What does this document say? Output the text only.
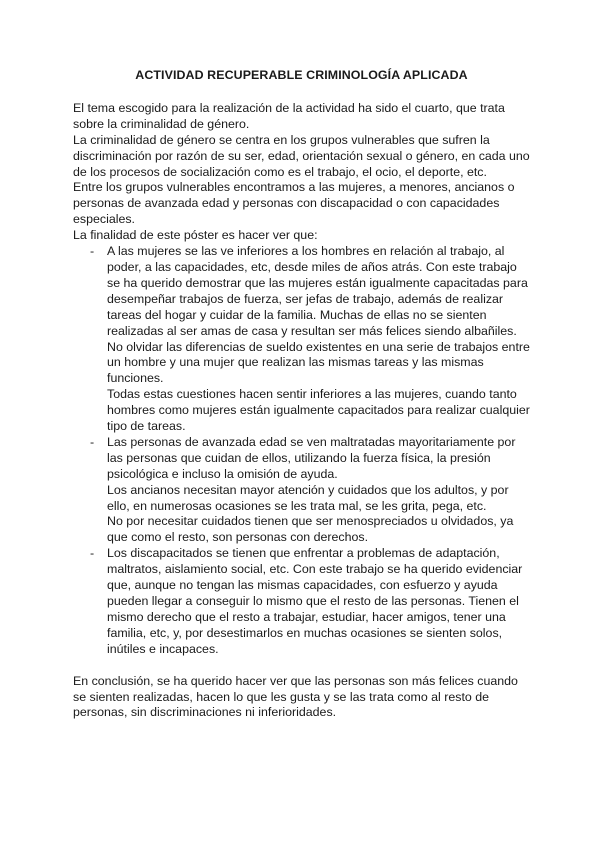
ACTIVIDAD RECUPERABLE CRIMINOLOGÍA APLICADA

El tema escogido para la realización de la actividad ha sido el cuarto, que trata sobre la criminalidad de género.

La criminalidad de género se centra en los grupos vulnerables que sufren la discriminación por razón de su ser, edad, orientación sexual o género, en cada uno de los procesos de socialización como es el trabajo, el ocio, el deporte, etc.

Entre los grupos vulnerables encontramos a las mujeres, a menores, ancianos o personas de avanzada edad y personas con discapacidad o con capacidades especiales.

La finalidad de este póster es hacer ver que:

- A las mujeres se las ve inferiores a los hombres en relación al trabajo, al poder, a las capacidades, etc, desde miles de años atrás. Con este trabajo se ha querido demostrar que las mujeres están igualmente capacitadas para desempeñar trabajos de fuerza, ser jefas de trabajo, además de realizar tareas del hogar y cuidar de la familia. Muchas de ellas no se sienten realizadas al ser amas de casa y resultan ser más felices siendo albañiles.

No olvidar las diferencias de sueldo existentes en una serie de trabajos entre un hombre y una mujer que realizan las mismas tareas y las mismas funciones.

Todas estas cuestiones hacen sentir inferiores a las mujeres, cuando tanto hombres como mujeres están igualmente capacitados para realizar cualquier tipo de tareas.

- Las personas de avanzada edad se ven maltratadas mayoritariamente por las personas que cuidan de ellos, utilizando la fuerza física, la presión psicológica e incluso la omisión de ayuda.

Los ancianos necesitan mayor atención y cuidados que los adultos, y por ello, en numerosas ocasiones se les trata mal, se les grita, pega, etc.

No por necesitar cuidados tienen que ser menospreciados u olvidados, ya que como el resto, son personas con derechos.

- Los discapacitados se tienen que enfrentar a problemas de adaptación, maltratos, aislamiento social, etc. Con este trabajo se ha querido evidenciar que, aunque no tengan las mismas capacidades, con esfuerzo y ayuda pueden llegar a conseguir lo mismo que el resto de las personas. Tienen el mismo derecho que el resto a trabajar, estudiar, hacer amigos, tener una familia, etc, y, por desestimarlos en muchas ocasiones se sienten solos, inútiles e incapaces.

En conclusión, se ha querido hacer ver que las personas son más felices cuando se sienten realizadas, hacen lo que les gusta y se las trata como al resto de personas, sin discriminaciones ni inferioridades.
